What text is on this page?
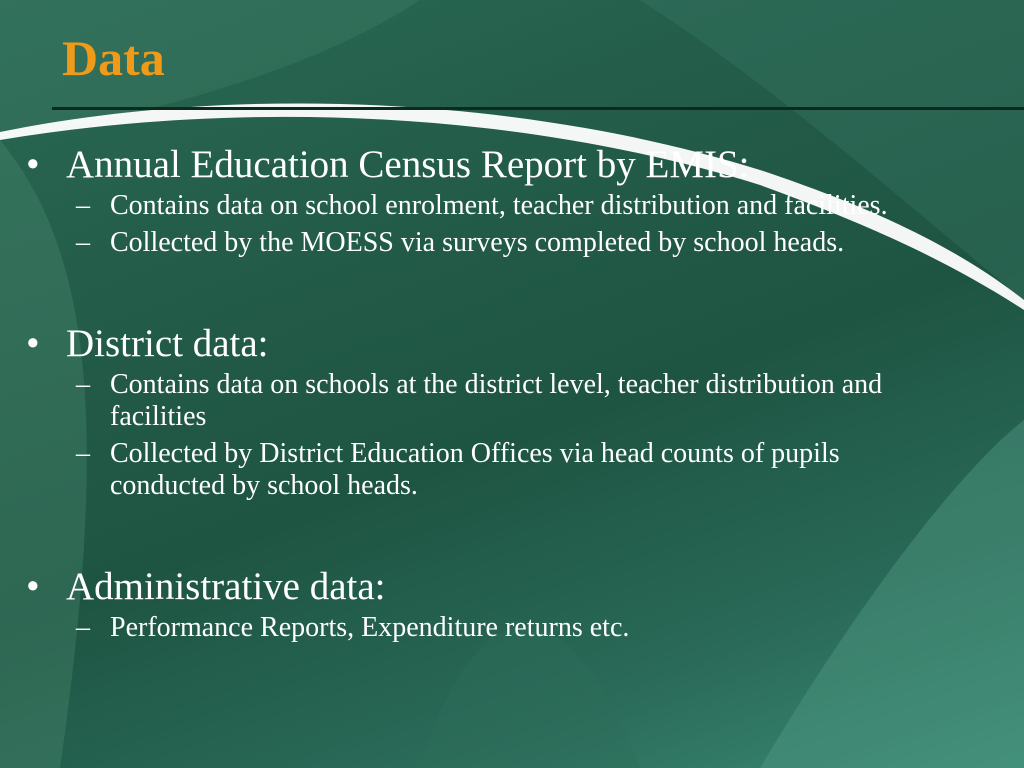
Data
• Annual Education Census Report by EMIS:
– Contains data on school enrolment, teacher distribution and facilities.
– Collected by the MOESS via surveys completed by school heads.
• District data:
– Contains data on schools at the district level, teacher distribution and facilities
– Collected by District Education Offices via head counts of pupils conducted by school heads.
• Administrative data:
– Performance Reports, Expenditure returns etc.
